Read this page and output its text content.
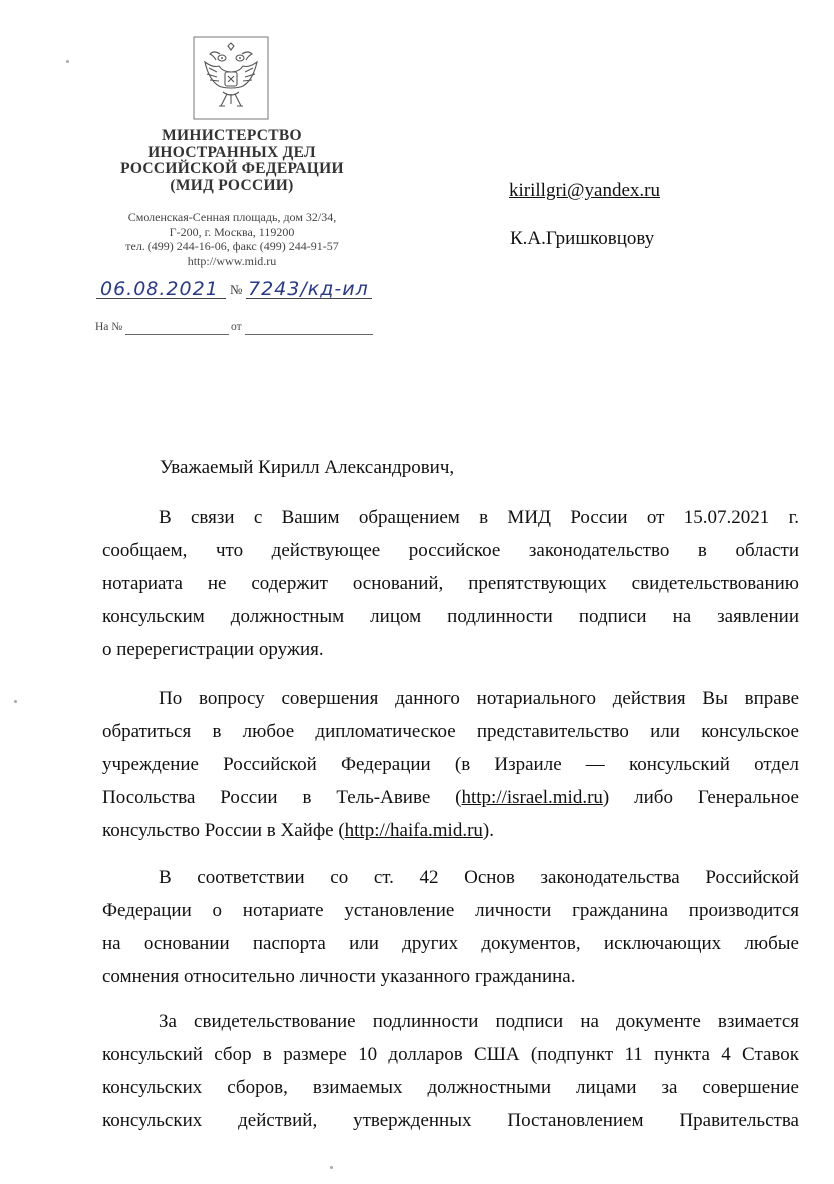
МИНИСТЕРСТВО
ИНОСТРАННЫХ ДЕЛ
РОССИЙСКОЙ ФЕДЕРАЦИИ
(МИД РОССИИ)
Смоленская-Сенная площадь, дом 32/34,
Г-200, г. Москва, 119200
тел. (499) 244-16-06, факс (499) 244-91-57
http://www.mid.ru
06.08.2021 № 7243/кд-ил
На №	от
kirillgri@yandex.ru
К.А.Гришковцову
Уважаемый Кирилл Александрович,
В связи с Вашим обращением в МИД России от 15.07.2021 г.
сообщаем, что действующее российское законодательство в области
нотариата не содержит оснований, препятствующих свидетельствованию
консульским должностным лицом подлинности подписи на заявлении
о перерегистрации оружия.
По вопросу совершения данного нотариального действия Вы вправе
обратиться в любое дипломатическое представительство или консульское
учреждение Российской Федерации (в Израиле — консульский отдел
Посольства России в Тель-Авиве (http://israel.mid.ru) либо Генеральное
консульство России в Хайфе (http://haifa.mid.ru).
В соответствии со ст. 42 Основ законодательства Российской
Федерации о нотариате установление личности гражданина производится
на основании паспорта или других документов, исключающих любые
сомнения относительно личности указанного гражданина.
За свидетельствование подлинности подписи на документе взимается
консульский сбор в размере 10 долларов США (подпункт 11 пункта 4 Ставок
консульских сборов, взимаемых должностными лицами за совершение
консульских действий, утвержденных Постановлением Правительства
